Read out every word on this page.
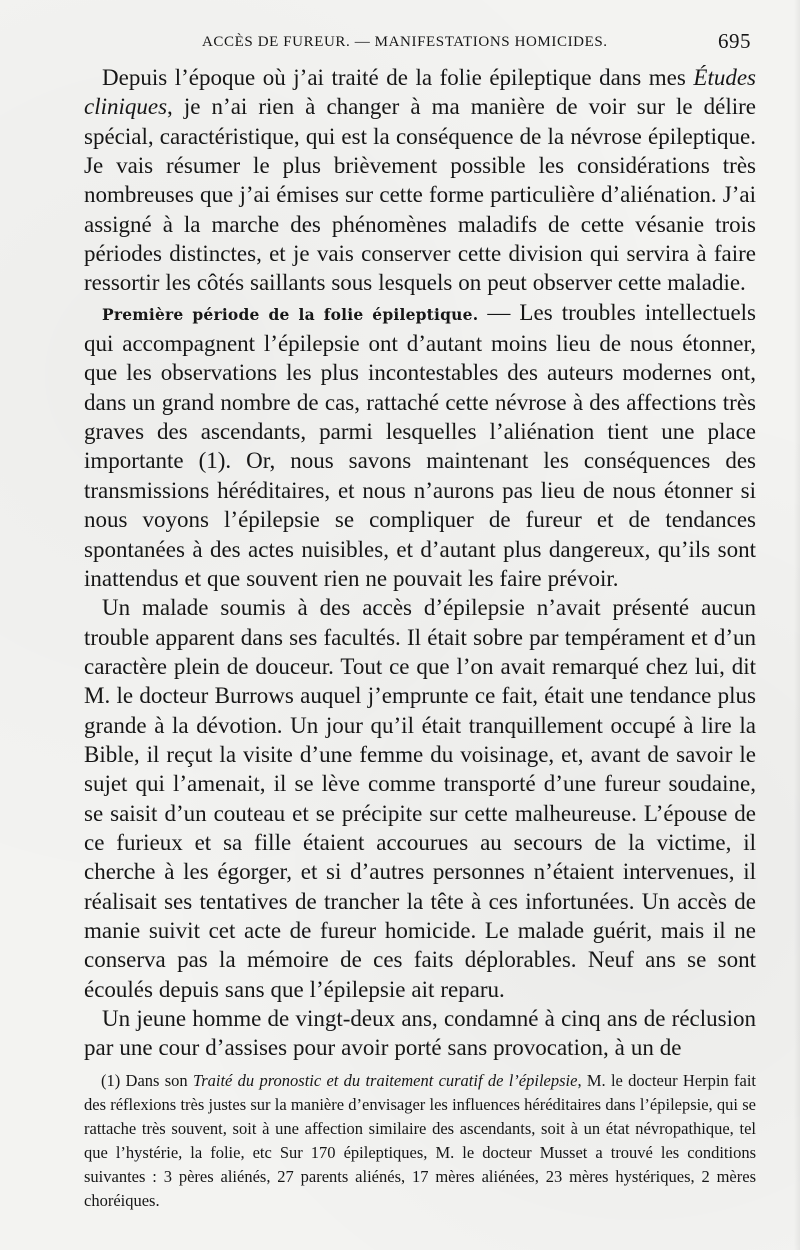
ACCÈS DE FUREUR. — MANIFESTATIONS HOMICIDES.	695

Depuis l’époque où j’ai traité de la folie épileptique dans mes Études cliniques, je n’ai rien à changer à ma manière de voir sur le délire spécial, caractéristique, qui est la conséquence de la névrose épileptique. Je vais résumer le plus brièvement possible les considérations très nombreuses que j’ai émises sur cette forme particulière d’aliénation. J’ai assigné à la marche des phénomènes maladifs de cette vésanie trois périodes distinctes, et je vais conserver cette division qui servira à faire ressortir les côtés saillants sous lesquels on peut observer cette maladie.

Première période de la folie épileptique. — Les troubles intellectuels qui accompagnent l’épilepsie ont d’autant moins lieu de nous étonner, que les observations les plus incontestables des auteurs modernes ont, dans un grand nombre de cas, rattaché cette névrose à des affections très graves des ascendants, parmi lesquelles l’aliénation tient une place importante (1). Or, nous savons maintenant les conséquences des transmissions héréditaires, et nous n’aurons pas lieu de nous étonner si nous voyons l’épilepsie se compliquer de fureur et de tendances spontanées à des actes nuisibles, et d’autant plus dangereux, qu’ils sont inattendus et que souvent rien ne pouvait les faire prévoir.

Un malade soumis à des accès d’épilepsie n’avait présenté aucun trouble apparent dans ses facultés. Il était sobre par tempérament et d’un caractère plein de douceur. Tout ce que l’on avait remarqué chez lui, dit M. le docteur Burrows auquel j’emprunte ce fait, était une tendance plus grande à la dévotion. Un jour qu’il était tranquillement occupé à lire la Bible, il reçut la visite d’une femme du voisinage, et, avant de savoir le sujet qui l’amenait, il se lève comme transporté d’une fureur soudaine, se saisit d’un couteau et se précipite sur cette malheureuse. L’épouse de ce furieux et sa fille étaient accourues au secours de la victime, il cherche à les égorger, et si d’autres personnes n’étaient intervenues, il réalisait ses tentatives de trancher la tête à ces infortunées. Un accès de manie suivit cet acte de fureur homicide. Le malade guérit, mais il ne conserva pas la mémoire de ces faits déplorables. Neuf ans se sont écoulés depuis sans que l’épilepsie ait reparu.

Un jeune homme de vingt-deux ans, condamné à cinq ans de réclusion par une cour d’assises pour avoir porté sans provocation, à un de

(1) Dans son Traité du pronostic et du traitement curatif de l’épilepsie, M. le docteur Herpin fait des réflexions très justes sur la manière d’envisager les influences héréditaires dans l’épilepsie, qui se rattache très souvent, soit à une affection similaire des ascendants, soit à un état névropathique, tel que l’hystérie, la folie, etc Sur 170 épileptiques, M. le docteur Musset a trouvé les conditions suivantes : 3 pères aliénés, 27 parents aliénés, 17 mères aliénées, 23 mères hystériques, 2 mères choréiques.
